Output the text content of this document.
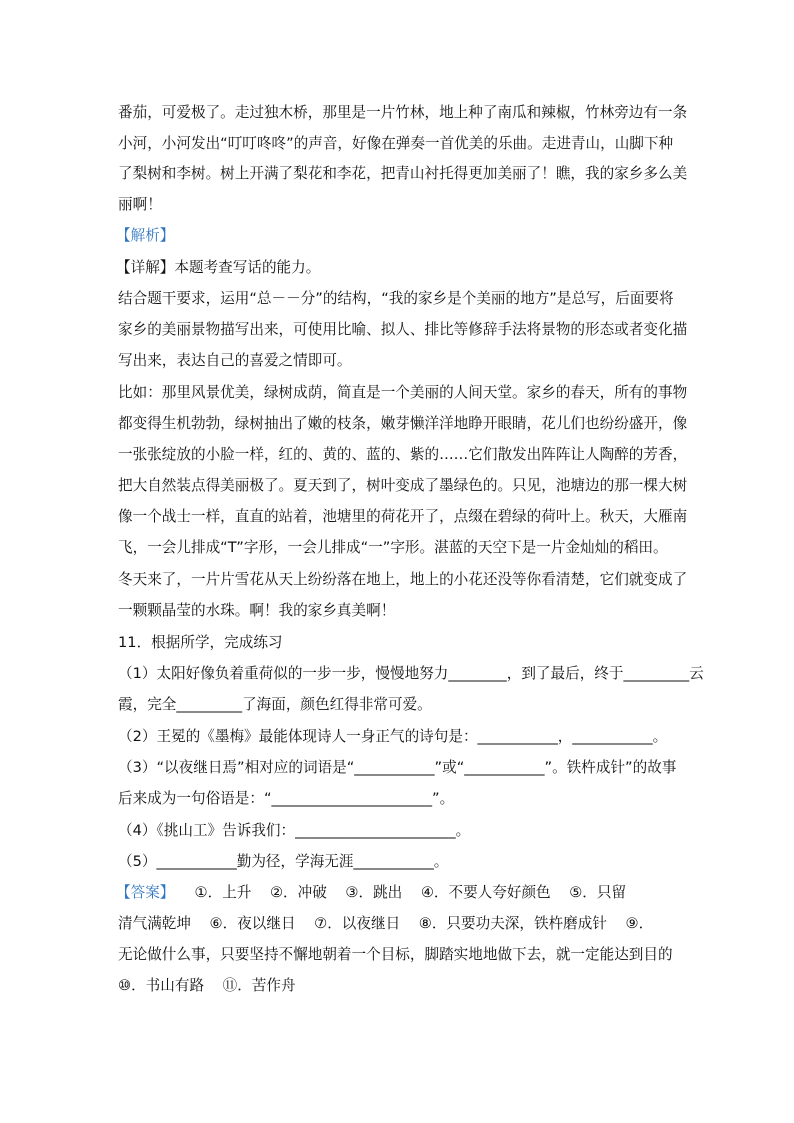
番茄，可爱极了。走过独木桥，那里是一片竹林，地上种了南瓜和辣椒，竹林旁边有一条
小河，小河发出“叮叮咚咚”的声音，好像在弹奏一首优美的乐曲。走进青山，山脚下种
了梨树和李树。树上开满了梨花和李花，把青山衬托得更加美丽了！瞧，我的家乡多么美
丽啊！
【解析】
【详解】本题考查写话的能力。
结合题干要求，运用“总－－分”的结构，“我的家乡是个美丽的地方”是总写，后面要将
家乡的美丽景物描写出来，可使用比喻、拟人、排比等修辞手法将景物的形态或者变化描
写出来，表达自己的喜爱之情即可。
比如：那里风景优美，绿树成荫，简直是一个美丽的人间天堂。家乡的春天，所有的事物
都变得生机勃勃，绿树抽出了嫩的枝条，嫩芽懒洋洋地睁开眼睛，花儿们也纷纷盛开，像
一张张绽放的小脸一样，红的、黄的、蓝的、紫的……它们散发出阵阵让人陶醉的芳香，
把大自然装点得美丽极了。夏天到了，树叶变成了墨绿色的。只见，池塘边的那一棵大树
像一个战士一样，直直的站着，池塘里的荷花开了，点缀在碧绿的荷叶上。秋天，大雁南
飞，一会儿排成“T”字形，一会儿排成“一”字形。湛蓝的天空下是一片金灿灿的稻田。
冬天来了，一片片雪花从天上纷纷落在地上，地上的小花还没等你看清楚，它们就变成了
一颗颗晶莹的水珠。啊！我的家乡真美啊！
11．根据所学，完成练习
（1）太阳好像负着重荷似的一步一步，慢慢地努力________，到了最后，终于_________云
霞，完全_________了海面，颜色红得非常可爱。
（2）王冕的《墨梅》最能体现诗人一身正气的诗句是：___________，___________。
（3）“以夜继日焉”相对应的词语是“___________”或“___________”。铁杵成针”的故事
后来成为一句俗语是：“______________________”。
（4）《挑山工》告诉我们：______________________。
（5）___________勤为径，学海无涯___________。
【答案】 ①．上升    ②．冲破    ③．跳出    ④．不要人夸好颜色    ⑤．只留
清气满乾坤    ⑥．夜以继日    ⑦．以夜继日    ⑧．只要功夫深，铁杵磨成针    ⑨．
无论做什么事，只要坚持不懈地朝着一个目标，脚踏实地地做下去，就一定能达到目的
⑩．书山有路    ⑪．苦作舟
